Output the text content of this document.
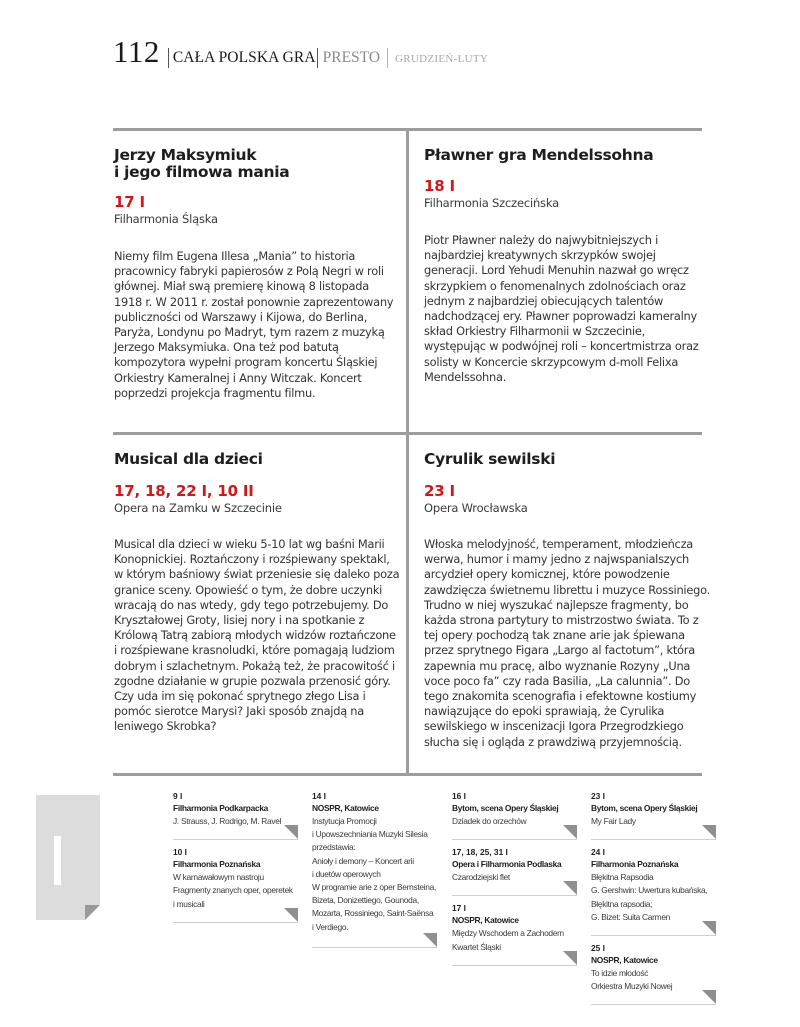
112 CAŁA POLSKA GRA PRESTO GRUDZIEŃ-LUTY
Jerzy Maksymiuk
i jego filmowa mania
17 I
Filharmonia Śląska
Niemy film Eugena Illesa „Mania” to historia pracownicy fabryki papierosów z Polą Negri w roli głównej. Miał swą premierę kinową 8 listopada 1918 r. W 2011 r. został ponownie zaprezentowany publiczności od Warszawy i Kijowa, do Berlina, Paryża, Londynu po Madryt, tym razem z muzyką Jerzego Maksymiuka. Ona też pod batutą kompozytora wypełni program koncertu Śląskiej Orkiestry Kameralnej i Anny Witczak. Koncert poprzedzi projekcja fragmentu filmu.
Pławner gra Mendelssohna
18 I
Filharmonia Szczecińska
Piotr Pławner należy do najwybitniejszych i najbardziej kreatywnych skrzypków swojej generacji. Lord Yehudi Menuhin nazwał go wręcz skrzypkiem o fenomenalnych zdolnościach oraz jednym z najbardziej obiecujących talentów nadchodzącej ery. Pławner poprowadzi kameralny skład Orkiestry Filharmonii w Szczecinie, występując w podwójnej roli – koncertmistrza oraz solisty w Koncercie skrzypcowym d-moll Felixa Mendelssohna.
Musical dla dzieci
17, 18, 22 I, 10 II
Opera na Zamku w Szczecinie
Musical dla dzieci w wieku 5-10 lat wg baśni Marii Konopnickiej. Roztańczony i rozśpiewany spektakl, w którym baśniowy świat przeniesie się daleko poza granice sceny. Opowieść o tym, że dobre uczynki wracają do nas wtedy, gdy tego potrzebujemy. Do Kryształowej Groty, lisiej nory i na spotkanie z Królową Tatrą zabiorą młodych widzów roztańczone i rozśpiewane krasnoludki, które pomagają ludziom dobrym i szlachetnym. Pokażą też, że pracowitość i zgodne działanie w grupie pozwala przenosić góry. Czy uda im się pokonać sprytnego złego Lisa i pomóc sierotce Marysi? Jaki sposób znajdą na leniwego Skrobka?
Cyrulik sewilski
23 I
Opera Wrocławska
Włoska melodyjność, temperament, młodzieńcza werwa, humor i mamy jedno z najwspanialszych arcydzieł opery komicznej, które powodzenie zawdzięcza świetnemu librettu i muzyce Rossiniego. Trudno w niej wyszukać najlepsze fragmenty, bo każda strona partytury to mistrzostwo świata. To z tej opery pochodzą tak znane arie jak śpiewana przez sprytnego Figara „Largo al factotum”, która zapewnia mu pracę, albo wyznanie Rozyny „Una voce poco fa” czy rada Basilia, „La calunnia”. Do tego znakomita scenografia i efektowne kostiumy nawiązujące do epoki sprawiają, że Cyrulika sewilskiego w inscenizacji Igora Przegrodzkiego słucha się i ogląda z prawdziwą przyjemnością.
9 I
Filharmonia Podkarpacka
J. Strauss, J. Rodrigo, M. Ravel
10 I
Filharmonia Poznańska
W karnawałowym nastroju
Fragmenty znanych oper, operetek
i musicali
14 I
NOSPR, Katowice
Instytucja Promocji
i Upowszechniania Muzyki Silesia
przedstawia:
Anioły i demony – Koncert arii
i duetów operowych
W programie arie z oper Bernsteina,
Bizeta, Donizettiego, Gounoda,
Mozarta, Rossiniego, Saint-Saënsa
i Verdiego.
16 I
Bytom, scena Opery Śląskiej
Dziadek do orzechów
17, 18, 25, 31 I
Opera i Filharmonia Podlaska
Czarodziejski flet
17 I
NOSPR, Katowice
Między Wschodem a Zachodem
Kwartet Śląski
23 I
Bytom, scena Opery Śląskiej
My Fair Lady
24 I
Filharmonia Poznańska
Błękitna Rapsodia
G. Gershwin: Uwertura kubańska,
Błękitna rapsodia;
G. Bizet: Suita Carmen
25 I
NOSPR, Katowice
To idzie młodość
Orkiestra Muzyki Nowej
